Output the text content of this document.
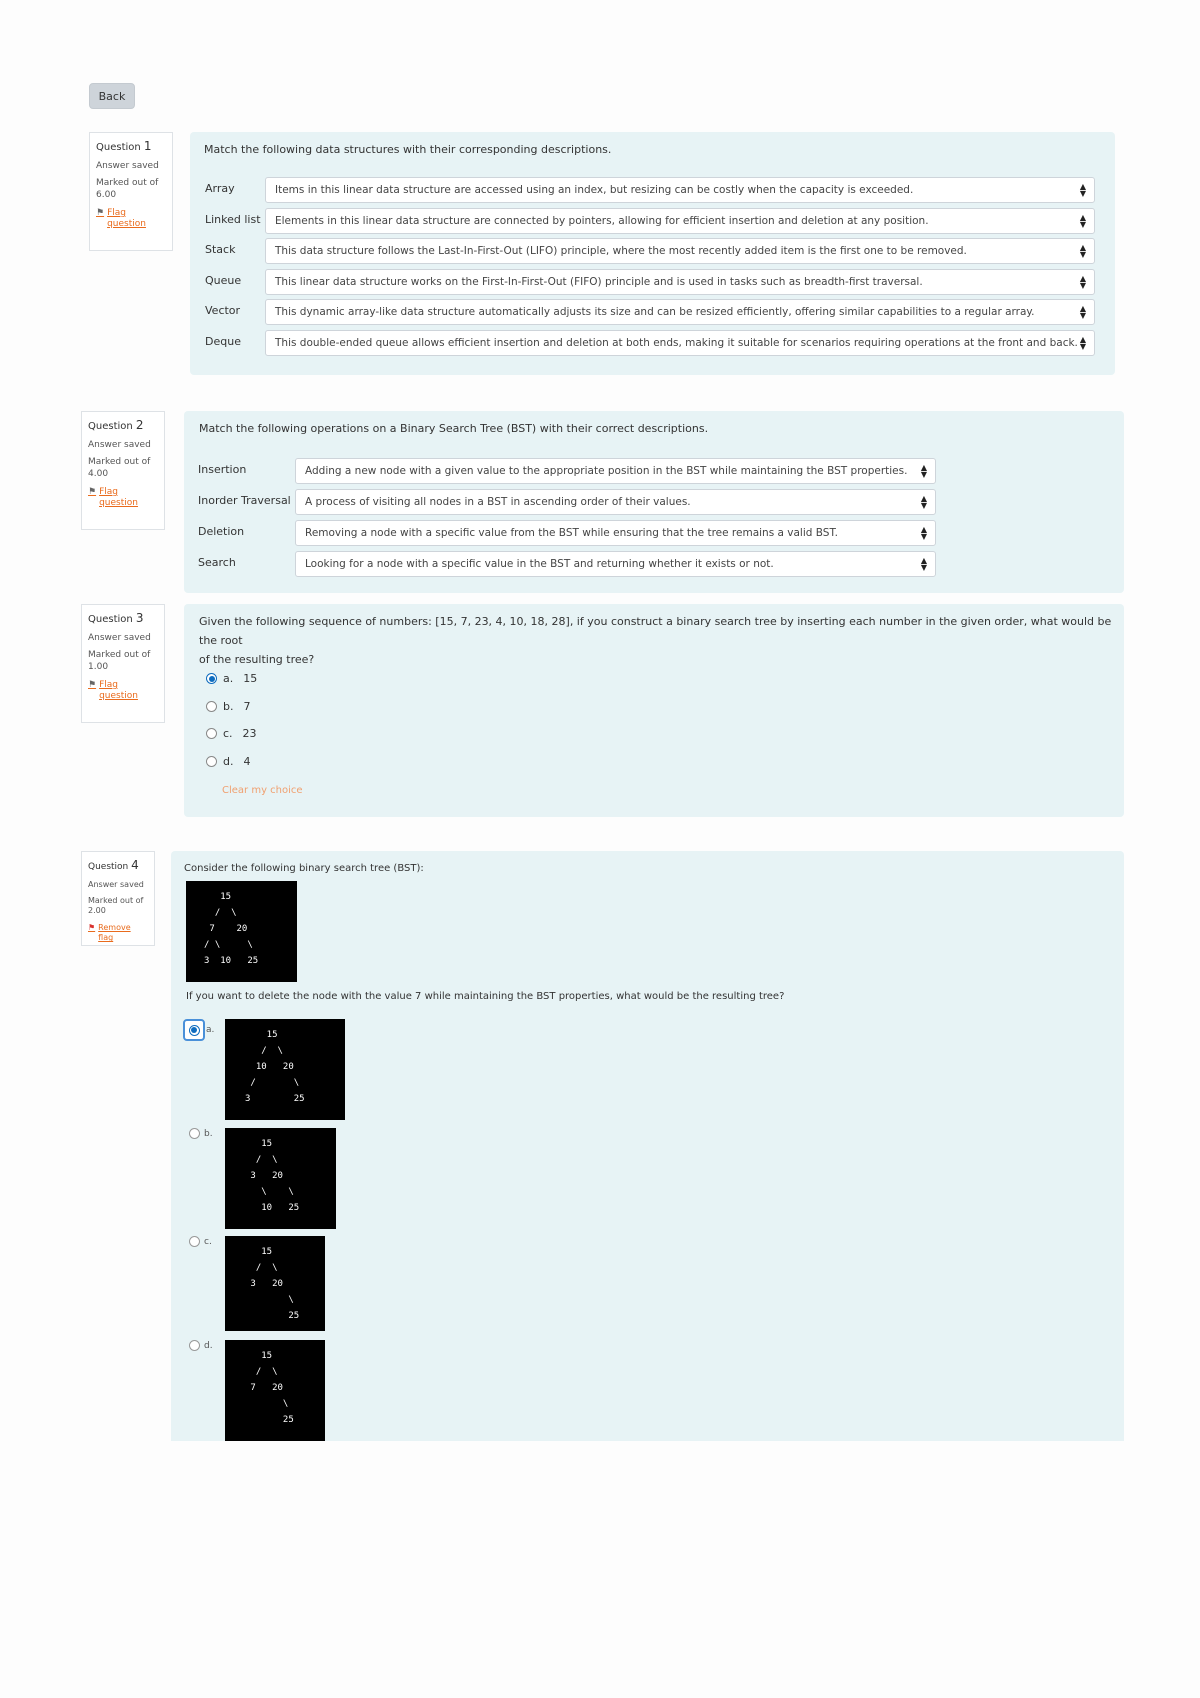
Back
Question 1
Answer saved
Marked out of 6.00
⚑ Flag question
Match the following data structures with their corresponding descriptions.
Array	Items in this linear data structure are accessed using an index, but resizing can be costly when the capacity is exceeded.	▲
▼
Linked list Elements in this linear data structure are connected by pointers, allowing for efficient insertion and deletion at any position.	▲
▼
Stack	This data structure follows the Last-In-First-Out (LIFO) principle, where the most recently added item is the first one to be removed.	▲
▼
Queue	This linear data structure works on the First-In-First-Out (FIFO) principle and is used in tasks such as breadth-first traversal.	▲
▼
Vector	This dynamic array-like data structure automatically adjusts its size and can be resized efficiently, offering similar capabilities to a regular array.	▲
▼
Deque	This double-ended queue allows efficient insertion and deletion at both ends, making it suitable for scenarios requiring operations at the front and back. ▲
▼
Question 2
Answer saved
Marked out of 4.00
⚑ Flag question
Match the following operations on a Binary Search Tree (BST) with their correct descriptions.
Insertion	Adding a new node with a given value to the appropriate position in the BST while maintaining the BST properties. ▲
▼
Inorder Traversal A process of visiting all nodes in a BST in ascending order of their values.	▲
▼
Deletion	Removing a node with a specific value from the BST while ensuring that the tree remains a valid BST.	▲
▼
Search	Looking for a node with a specific value in the BST and returning whether it exists or not.	▲
▼
Question 3
Answer saved
Marked out of 1.00
⚑ Flag question
Given the following sequence of numbers: [15, 7, 23, 4, 10, 18, 28], if you construct a binary search tree by inserting each number in the given order, what would be the root
of the resulting tree?
a. 15
b. 7
c. 23
d. 4
Clear my choice
Question 4
Answer saved
Marked out of 2.00
⚑ Remove flag
Consider the following binary search tree (BST):
15
/  \
7    20
/ \     \
3  10   25
If you want to delete the node with the value 7 while maintaining the BST properties, what would be the resulting tree?
a.	15
/  \
10   20
/       \
3        25
b.
15
/  \
3   20
\    \
10   25
c.
15
/  \
3   20
\
25
d.
15
/  \
7   20
\
25
